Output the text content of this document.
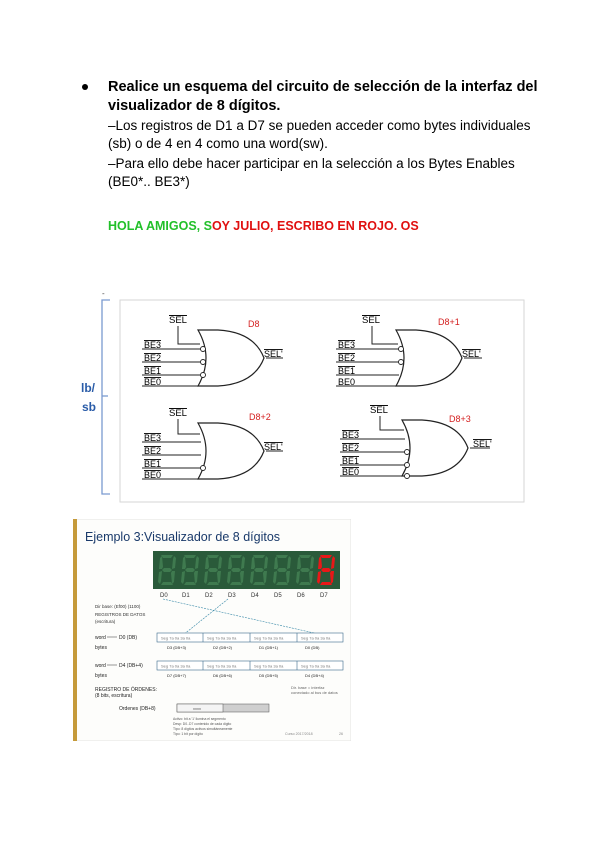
Realice un esquema del circuito de selección de la interfaz del visualizador de 8 dígitos.
–Los registros de D1 a D7 se pueden acceder como bytes individuales (sb) o de 4 en 4 como una word(sw).
–Para ello debe hacer participar en la selección a los Bytes Enables (BE0*.. BE3*)
HOLA AMIGOS, SOY JULIO, ESCRIBO EN ROJO. OS
-
lb/
sb
SEL	D8
BE3
BE2
BE1
BE0
SEL'
SEL	D8+1
BE3
BE2
BE1
BE0
SEL'
SEL	D8+2
BE3
BE2
BE1
BE0
SEL'
SEL
D8+3
BE3
BE2
BE1
BE0
SEL'
Ejemplo 3:Visualizador de 8 dígitos
D0 D1	D2	D3	D4	D5	D6	D7
Dir base: (Ef00) (1100)
REGISTROS DE DATOS
(escritura)
word	D0 (DB)
bytes
Seg 7a 0a 3a 0a	Seg 7a 0a 3a 0a	Seg 7a 0a 3a 0a	Seg 7a 0a 3a 0a
D3 (DB+3)	D2 (DB+2)	D1 (DB+1)	D0 (DB)
word	D4 (DB+4)
bytes
Seg 7a 0a 3a 0a	Seg 7a 0a 3a 0a	Seg 7a 0a 3a 0a	Seg 7a 0a 3a 0a
D7 (DB+7)	D6 (DB+6)	D5 (DB+5)	D4 (DB+4)
REGISTRO DE ÓRDENES:
(8 bits, escritura)
Ordenes (DB+8)
Dir. base = interfaz
conectado al bus de datos
xxxx
Activo: bit a '1' ilumina el segmento
Desp: D0..D7 contenido de cada dígito
Tipo: 8 dígitos activos simultáneamente
Tipo: 1 bit por dígito	Curso 2017/2018	26
